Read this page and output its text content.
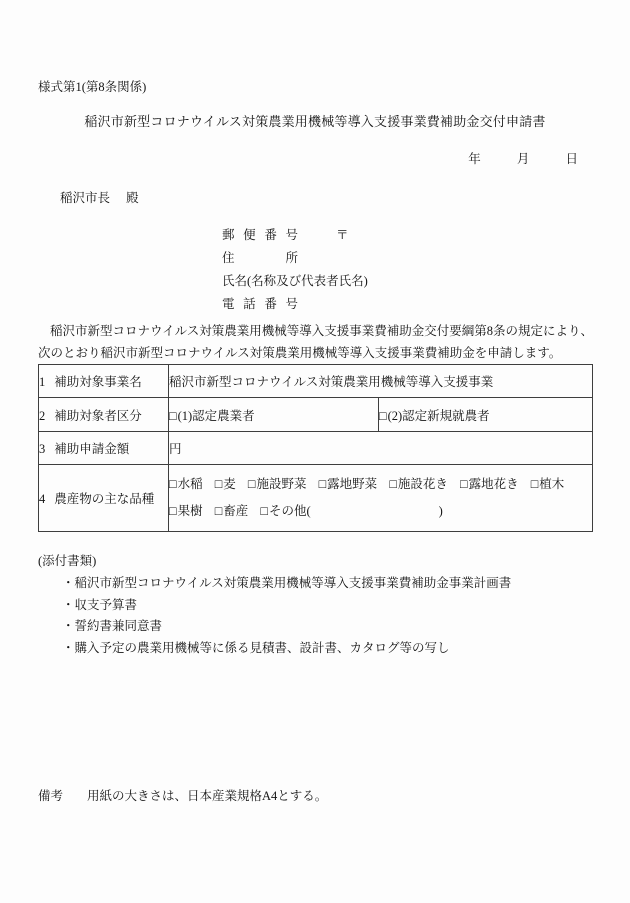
様式第1(第8条関係)
稲沢市新型コロナウイルス対策農業用機械等導入支援事業費補助金交付申請書
年	月	日
稲沢市長 殿
郵便番号	〒
住所
氏名(名称及び代表者氏名)
電話番号
稲沢市新型コロナウイルス対策農業用機械等導入支援事業費補助金交付要綱第8条の規定により、次のとおり稲沢市新型コロナウイルス対策農業用機械等導入支援事業費補助金を申請します。
1 補助対象事業名	稲沢市新型コロナウイルス対策農業用機械等導入支援事業	
2 補助対象者区分	□(1)認定農業者	□(2)認定新規就農者
3 補助申請金額	円	
4 農産物の主な品種	□水稲 □麦 □施設野菜 □露地野菜 □施設花き □露地花き □植木
□果樹 □畜産 □その他( )	
(添付書類)
・稲沢市新型コロナウイルス対策農業用機械等導入支援事業費補助金事業計画書
・収支予算書
・誓約書兼同意書
・購入予定の農業用機械等に係る見積書、設計書、カタログ等の写し
備考 用紙の大きさは、日本産業規格A4とする。
